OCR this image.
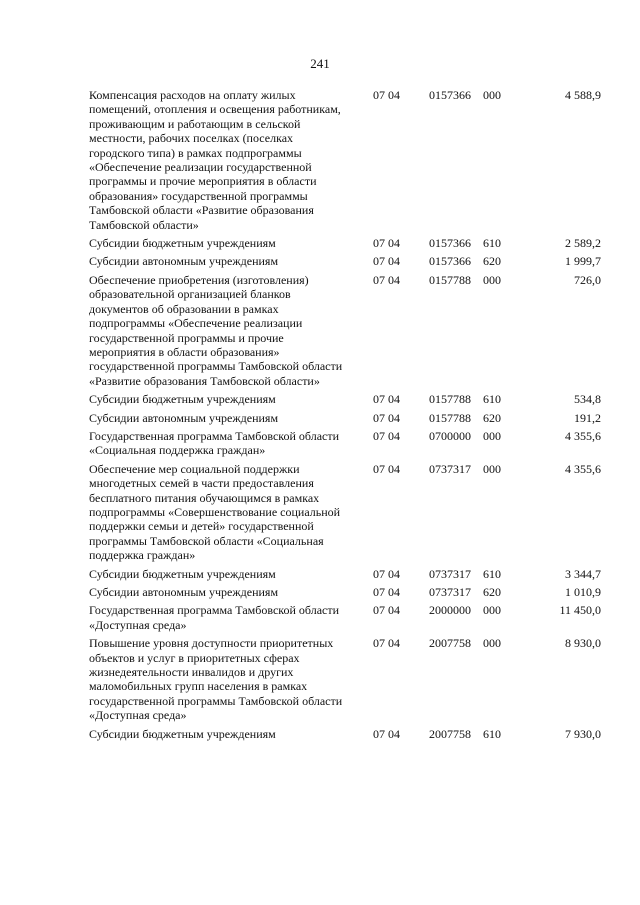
241
Компенсация расходов на оплату жилых помещений, отопления и освещения работникам, проживающим и работающим в сельской местности, рабочих поселках (поселках городского типа) в рамках подпрограммы «Обеспечение реализации государственной программы и прочие мероприятия в области образования» государственной программы Тамбовской области «Развитие образования Тамбовской области»	07 04	0157366	000	4 588,9
Субсидии бюджетным учреждениям	07 04	0157366	610	2 589,2
Субсидии автономным учреждениям	07 04	0157366	620	1 999,7
Обеспечение приобретения (изготовления) образовательной организацией бланков документов об образовании в рамках подпрограммы «Обеспечение реализации государственной программы и прочие мероприятия в области образования» государственной программы Тамбовской области «Развитие образования Тамбовской области»	07 04	0157788	000	726,0
Субсидии бюджетным учреждениям	07 04	0157788	610	534,8
Субсидии автономным учреждениям	07 04	0157788	620	191,2
Государственная программа Тамбовской области «Социальная поддержка граждан»	07 04	0700000	000	4 355,6
Обеспечение мер социальной поддержки многодетных семей в части предоставления бесплатного питания обучающимся в рамках подпрограммы «Совершенствование социальной поддержки семьи и детей» государственной программы Тамбовской области «Социальная поддержка граждан»	07 04	0737317	000	4 355,6
Субсидии бюджетным учреждениям	07 04	0737317	610	3 344,7
Субсидии автономным учреждениям	07 04	0737317	620	1 010,9
Государственная программа Тамбовской области «Доступная среда»	07 04	2000000	000	11 450,0
Повышение уровня доступности приоритетных объектов и услуг в приоритетных сферах жизнедеятельности инвалидов и других маломобильных групп населения в рамках государственной программы Тамбовской области «Доступная среда»	07 04	2007758	000	8 930,0
Субсидии бюджетным учреждениям	07 04	2007758	610	7 930,0
